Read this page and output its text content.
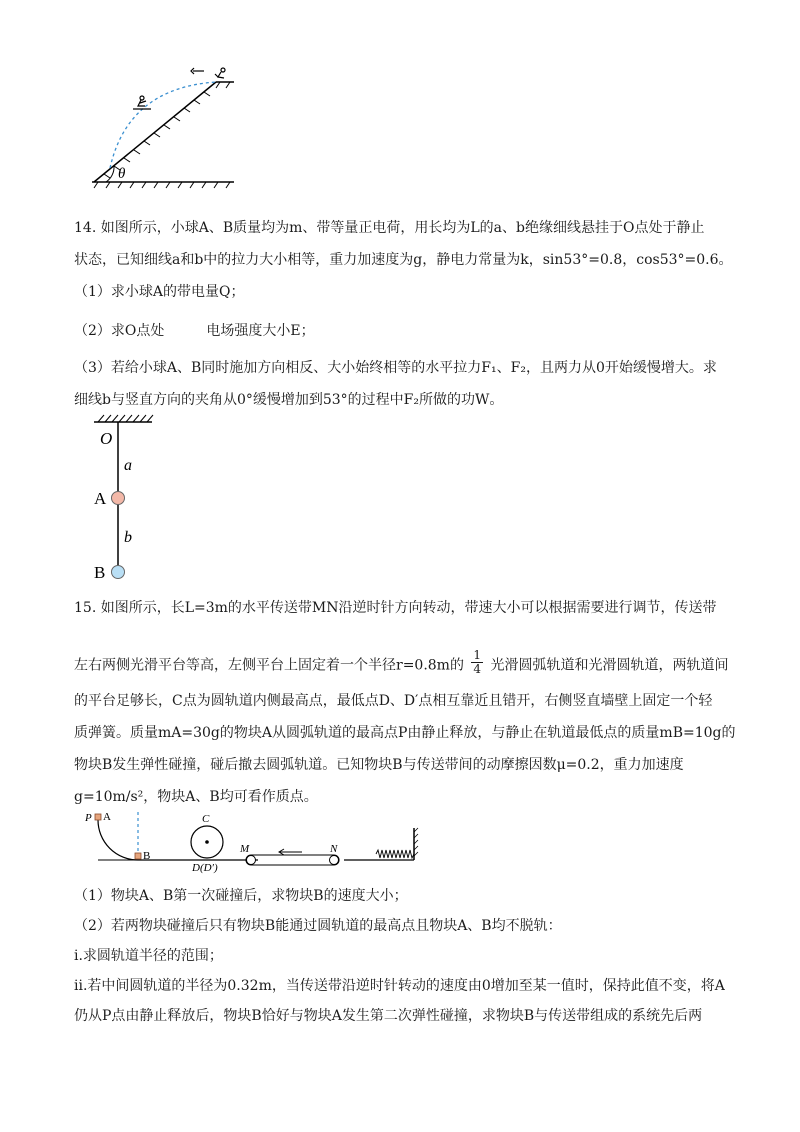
θ
14. 如图所示，小球A、B质量均为m、带等量正电荷，用长均为L的a、b绝缘细线悬挂于O点处于静止
状态，已知细线a和b中的拉力大小相等，重力加速度为g，静电力常量为k，sin53°=0.8，cos53°=0.6。
（1）求小球A的带电量Q；
（2）求O点处　　　电场强度大小E；
（3）若给小球A、B同时施加方向相反、大小始终相等的水平拉力F₁、F₂，且两力从0开始缓慢增大。求
细线b与竖直方向的夹角从0°缓慢增加到53°的过程中F₂所做的功W。
O
a
A
b
B
15. 如图所示，长L=3m的水平传送带MN沿逆时针方向转动，带速大小可以根据需要进行调节，传送带
左右两侧光滑平台等高，左侧平台上固定着一个半径r=0.8m的 $\frac{1}{4}$ 光滑圆弧轨道和光滑圆轨道，两轨道间
的平台足够长，C点为圆轨道内侧最高点，最低点D、D′点相互靠近且错开，右侧竖直墙壁上固定一个轻
质弹簧。质量mA=30g的物块A从圆弧轨道的最高点P由静止释放，与静止在轨道最低点的质量mB=10g的
物块B发生弹性碰撞，碰后撤去圆弧轨道。已知物块B与传送带间的动摩擦因数μ=0.2，重力加速度
g=10m/s²，物块A、B均可看作质点。
P A
B
C
D(D′)
M	N
（1）物块A、B第一次碰撞后，求物块B的速度大小；
（2）若两物块碰撞后只有物块B能通过圆轨道的最高点且物块A、B均不脱轨：
i.求圆轨道半径的范围；
ii.若中间圆轨道的半径为0.32m，当传送带沿逆时针转动的速度由0增加至某一值时，保持此值不变，将A
仍从P点由静止释放后，物块B恰好与物块A发生第二次弹性碰撞，求物块B与传送带组成的系统先后两
